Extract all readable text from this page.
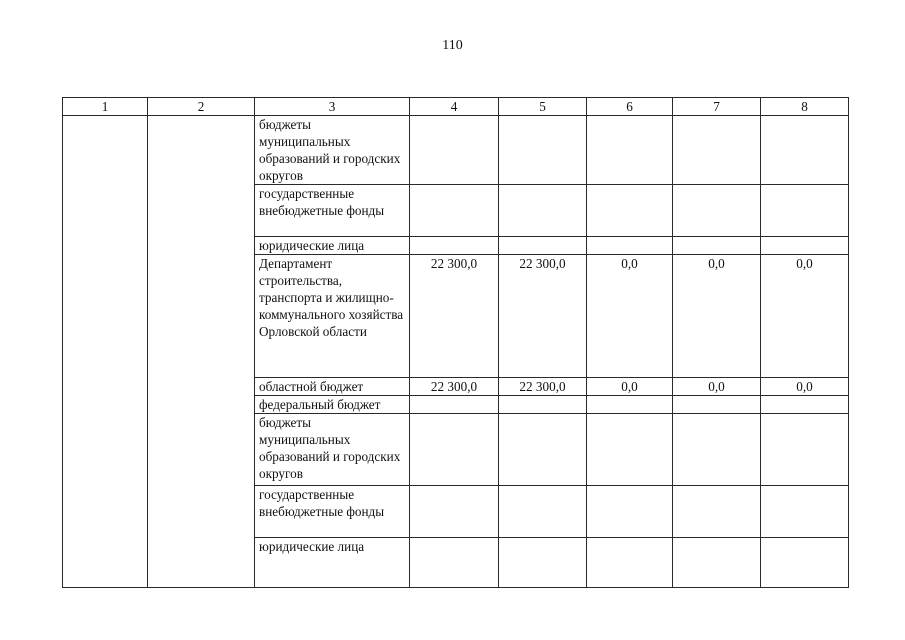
110
1	2	3	4	5	6	7	8
		бюджеты муниципальных образований и городских округов					
		государственные внебюджетные фонды					
		юридические лица					
		Департамент строительства, транспорта и жилищно-коммунального хозяйства Орловской области	22 300,0	22 300,0	0,0	0,0	0,0
		областной бюджет	22 300,0	22 300,0	0,0	0,0	0,0
		федеральный бюджет					
		бюджеты муниципальных образований и городских округов					
		государственные внебюджетные фонды					
		юридические лица					
